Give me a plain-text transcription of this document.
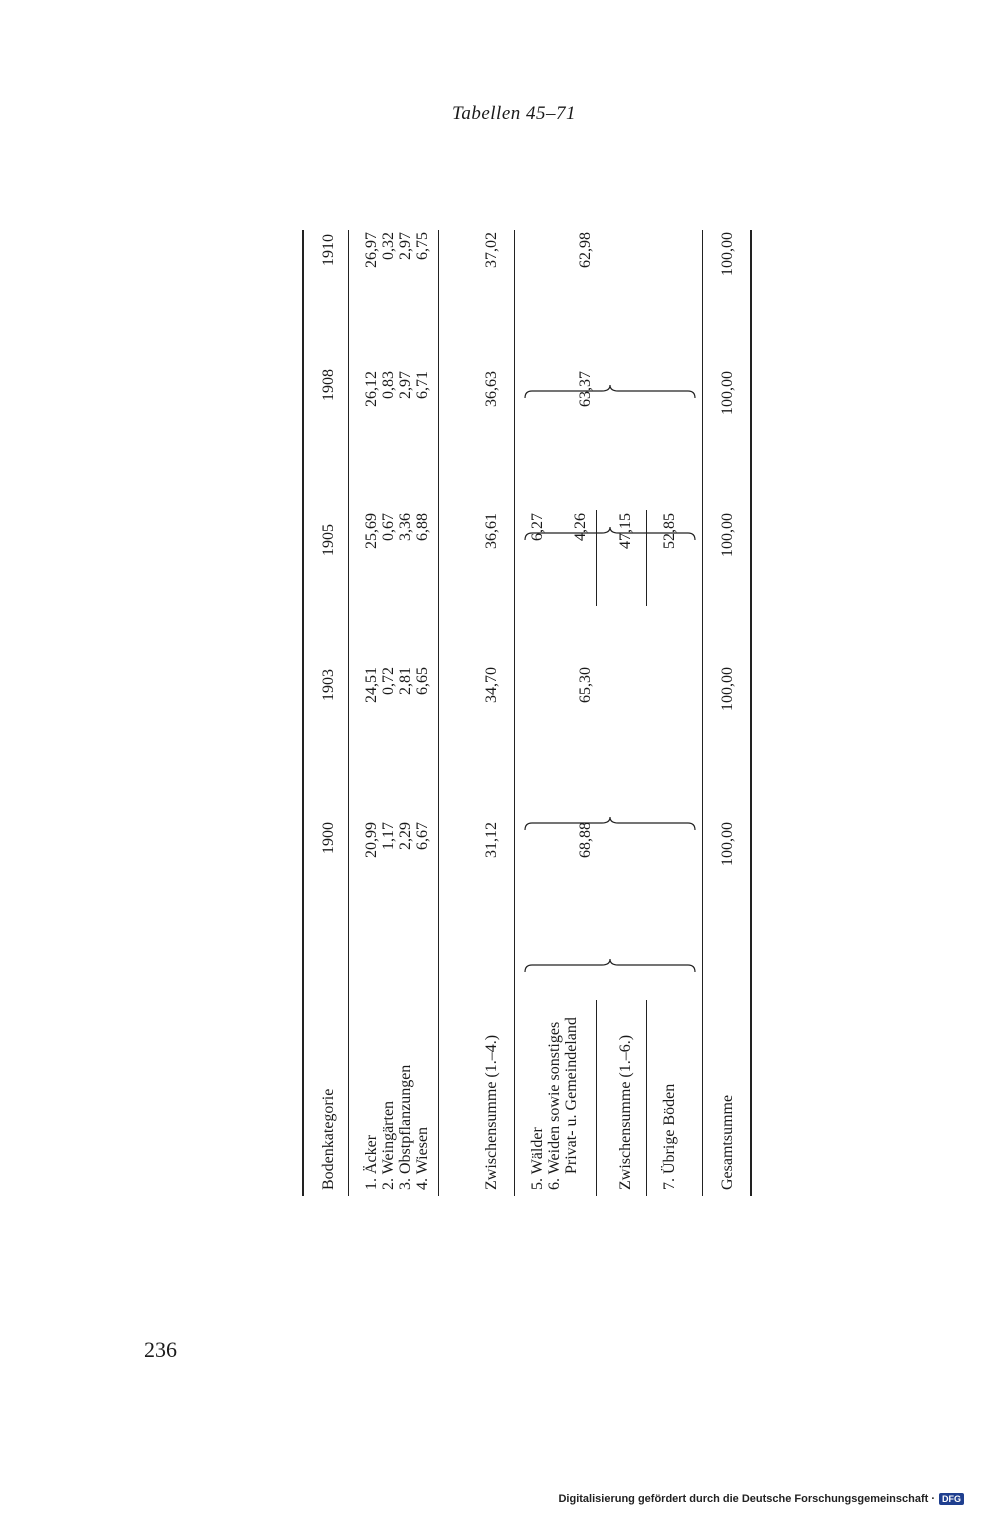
Tabellen 45–71
Bodenkategorie
1900
1903
1905
1908
1910
1. Äcker 2. Weingärten 3. Obstpflanzungen 4. Wiesen
20,99 1,17 2,29 6,67
24,51 0,72 2,81 6,65
25,69 0,67 3,36 6,88
26,12 0,83 2,97 6,71
26,97 0,32 2,97 6,75
Zwischensumme (1.–4.)
31,12
34,70
36,61
36,63
37,02
5. Wälder 6. Weiden sowie sonstiges Privat- u. Gemeindeland
6,27 4,26
68,88
65,30
63,37
62,98
Zwischensumme (1.–6.)
47,15
7. Übrige Böden
52,85
Gesamtsumme
100,00
100,00
100,00
100,00
100,00
236
Digitalisierung gefördert durch die Deutsche Forschungsgemeinschaft · DFG
